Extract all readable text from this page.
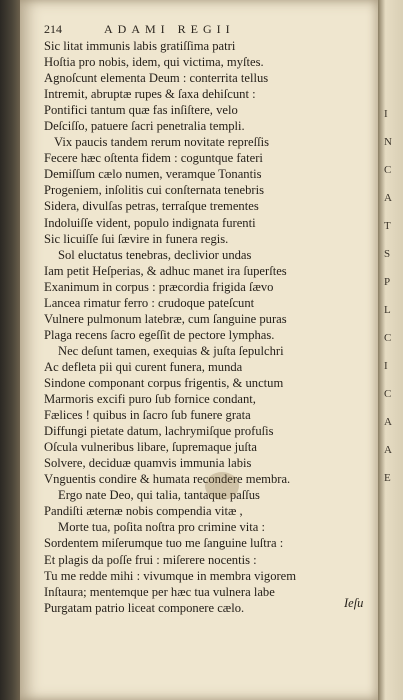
I
N
C
A
T
S
P
L
C
I
C
A
A
E
214	ADAMI REGII
Sic litat immunis labis gratiſſima patri
Hoſtia pro nobis, idem, qui victima, myſtes.
Agnoſcunt elementa Deum : conterrita tellus
Intremit, abruptæ rupes & ſaxa dehiſcunt :
Pontifici tantum quæ fas inſiſtere, velo
Deſciſſo, patuere ſacri penetralia templi.
Vix paucis tandem rerum novitate repreſſis
Fecere hæc oſtenta fidem : coguntque fateri
Demiſſum cælo numen, veramque Tonantis
Progeniem, inſolitis cui conſternata tenebris
Sidera, divulſas petras, terraſque trementes
Indoluiſſe vident, populo indignata furenti
Sic licuiſſe ſui ſævire in funera regis.
Sol eluctatus tenebras, declivior undas
Iam petit Heſperias, & adhuc manet ira ſuperſtes
Exanimum in corpus : præcordia frigida ſævo
Lancea rimatur ferro : crudoque pateſcunt
Vulnere pulmonum latebræ, cum ſanguine puras
Plaga recens ſacro egeſſit de pectore lymphas.
Nec deſunt tamen, exequias & juſta ſepulchri
Ac defleta pii qui curent funera, munda
Sindone componant corpus frigentis, & unctum
Marmoris excifi puro ſub fornice condant,
Fælices ! quibus in ſacro ſub funere grata
Diffungi pietate datum, lachrymiſque profuſis
Oſcula vulneribus libare, ſupremaque juſta
Solvere, deciduæ quamvis immunia labis
Vnguentis condire & humata recondere membra.
Ergo nate Deo, qui talia, tantaque paſſus
Pandiſti æternæ nobis compendia vitæ ,
Morte tua, poſita noſtra pro crimine vita :
Sordentem miſerumque tuo me ſanguine luſtra :
Et plagis da poſſe frui : miſerere nocentis :
Tu me redde mihi : vivumque in membra vigorem
Inſtaura; mentemque per hæc tua vulnera labe
Purgatam patrio liceat componere cælo.	Ieſu
